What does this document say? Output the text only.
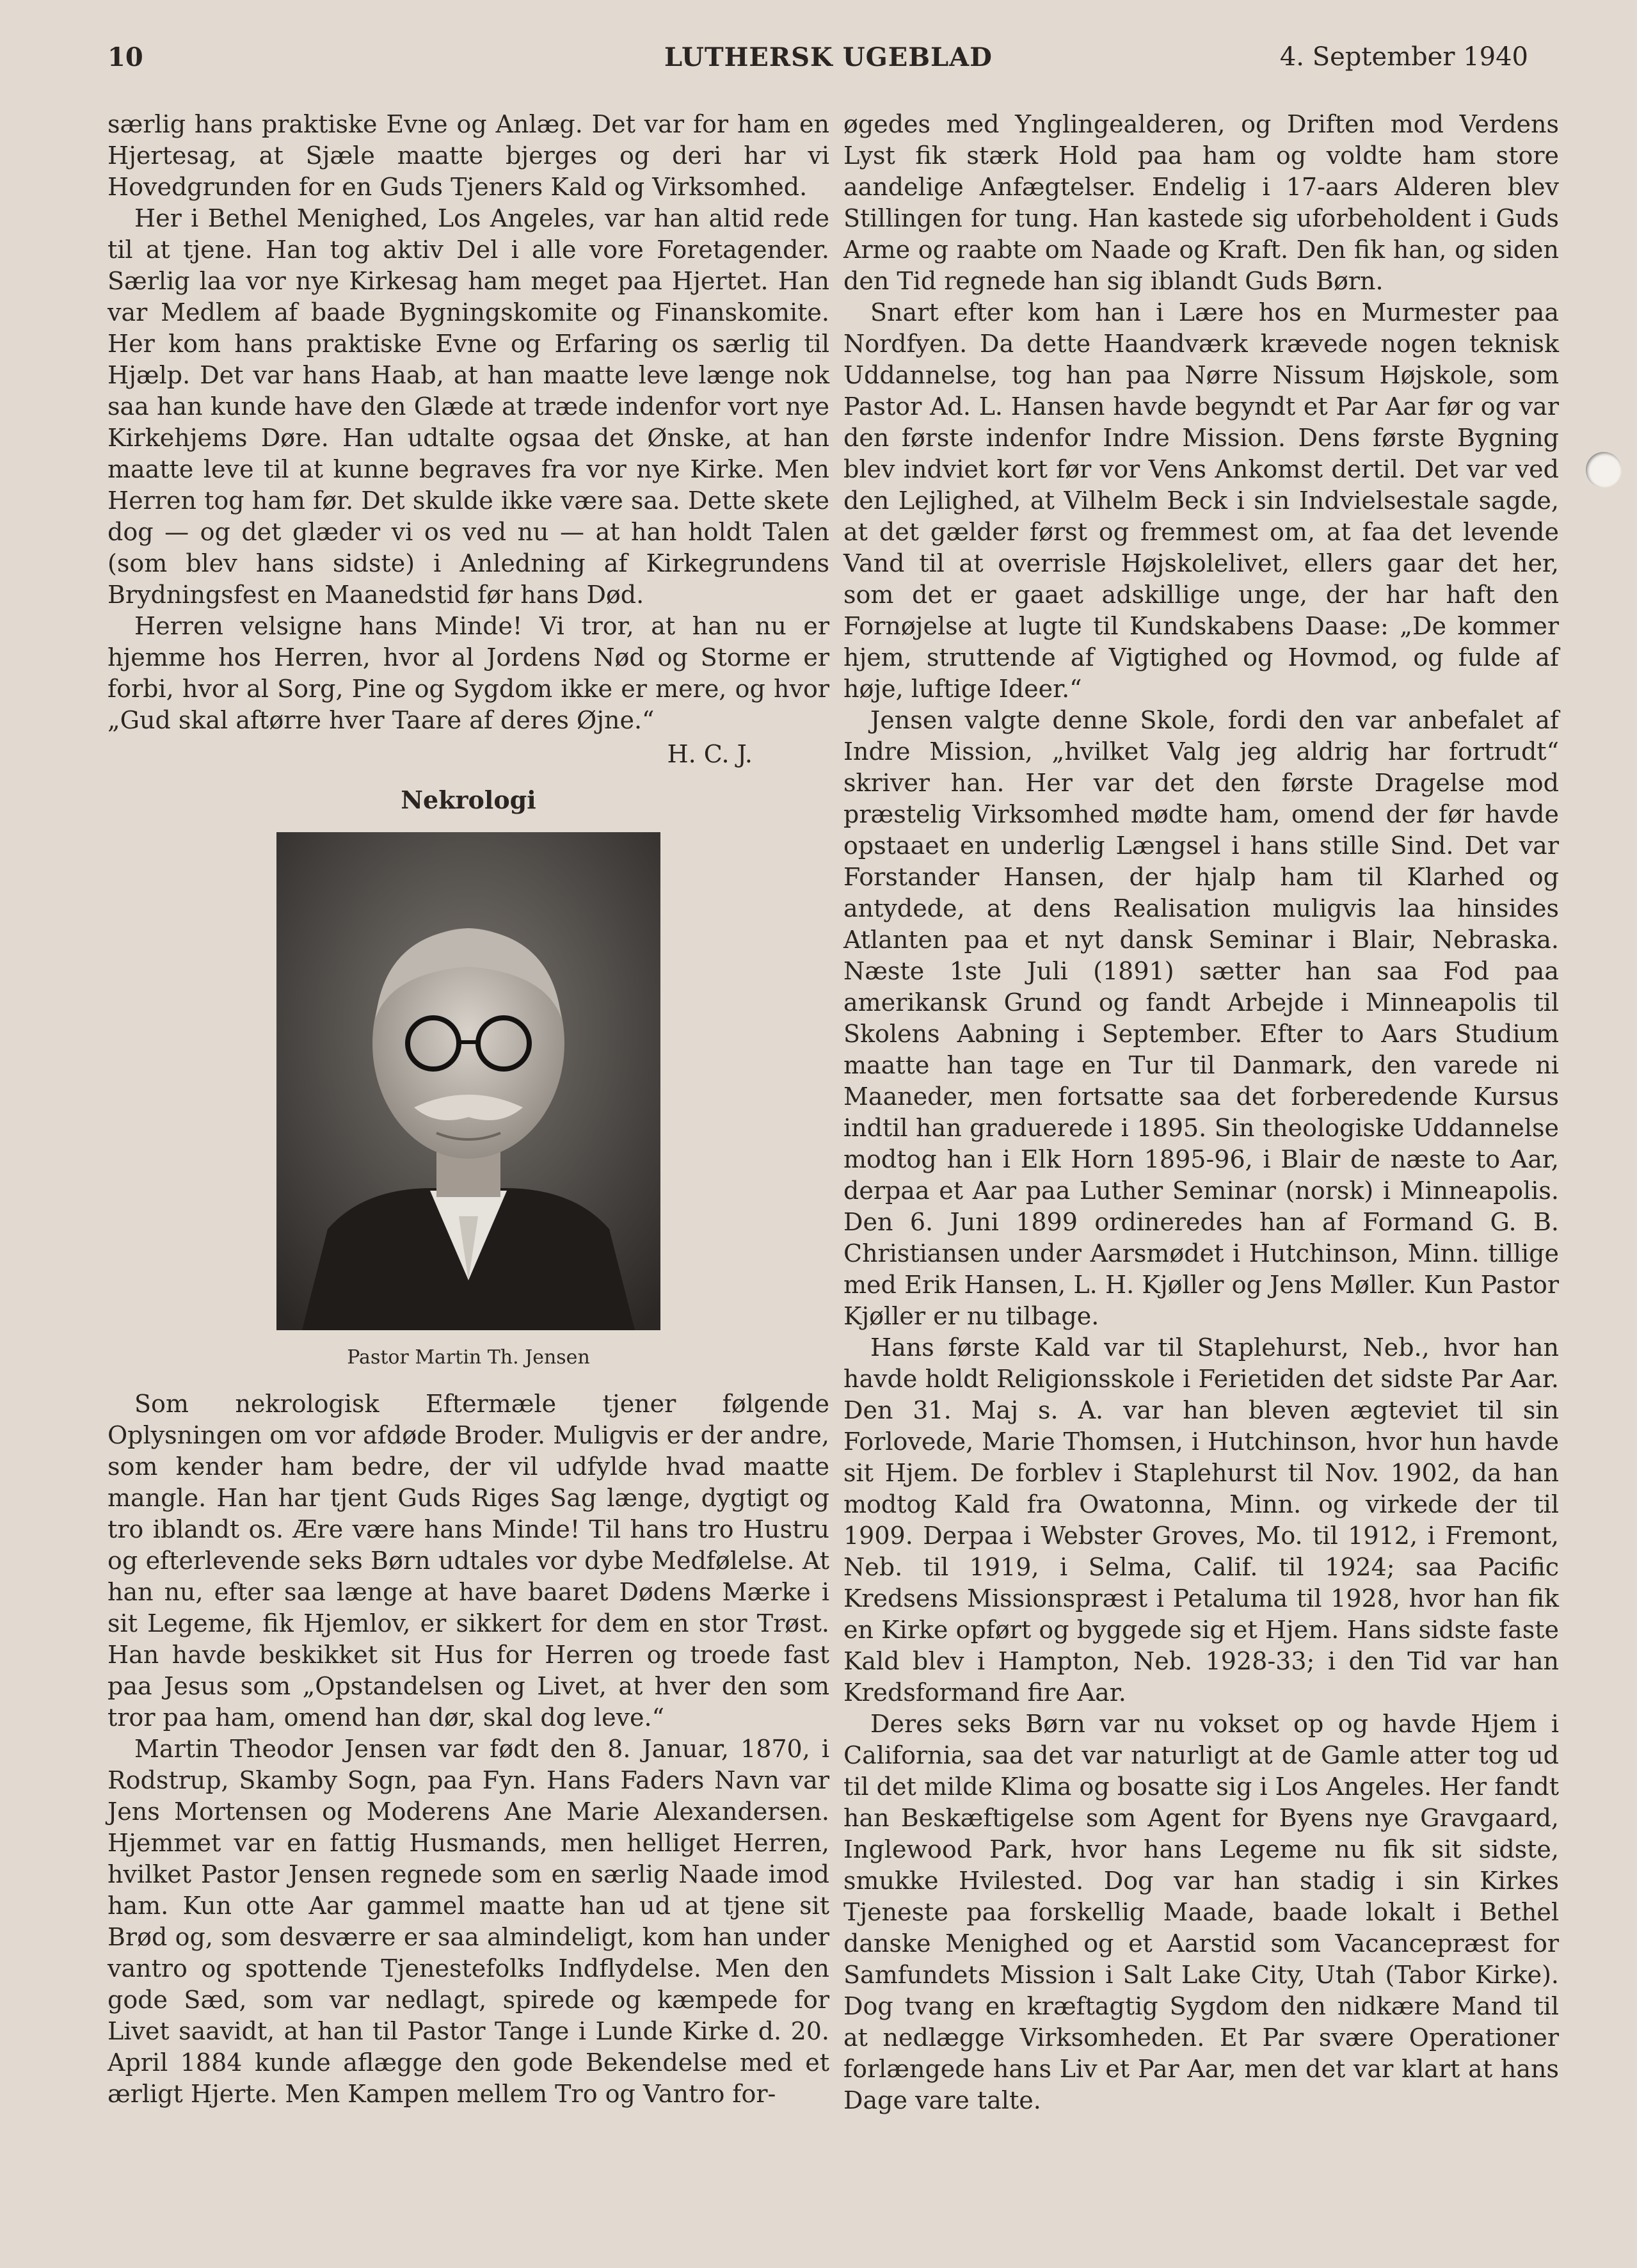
10	LUTHERSK UGEBLAD	4. September 1940

særlig hans praktiske Evne og Anlæg. Det var for ham en Hjertesag, at Sjæle maatte bjerges og deri har vi Hovedgrunden for en Guds Tjeners Kald og Virksomhed.

Her i Bethel Menighed, Los Angeles, var han altid rede til at tjene. Han tog aktiv Del i alle vore Foretagender. Særlig laa vor nye Kirkesag ham meget paa Hjertet. Han var Medlem af baade Bygningskomite og Finanskomite. Her kom hans praktiske Evne og Erfaring os særlig til Hjælp. Det var hans Haab, at han maatte leve længe nok saa han kunde have den Glæde at træde indenfor vort nye Kirkehjems Døre. Han udtalte ogsaa det Ønske, at han maatte leve til at kunne begraves fra vor nye Kirke. Men Herren tog ham før. Det skulde ikke være saa. Dette skete dog — og det glæder vi os ved nu — at han holdt Talen (som blev hans sidste) i Anledning af Kirkegrundens Brydningsfest en Maanedstid før hans Død.

Herren velsigne hans Minde! Vi tror, at han nu er hjemme hos Herren, hvor al Jordens Nød og Storme er forbi, hvor al Sorg, Pine og Sygdom ikke er mere, og hvor „Gud skal aftørre hver Taare af deres Øjne.“

H. C. J.
Nekrologi
Pastor Martin Th. Jensen

Som nekrologisk Eftermæle tjener følgende Oplysningen om vor afdøde Broder. Muligvis er der andre, som kender ham bedre, der vil udfylde hvad maatte mangle. Han har tjent Guds Riges Sag længe, dygtigt og tro iblandt os. Ære være hans Minde! Til hans tro Hustru og efterlevende seks Børn udtales vor dybe Medfølelse. At han nu, efter saa længe at have baaret Dødens Mærke i sit Legeme, fik Hjemlov, er sikkert for dem en stor Trøst. Han havde beskikket sit Hus for Herren og troede fast paa Jesus som „Opstandelsen og Livet, at hver den som tror paa ham, omend han dør, skal dog leve.“

Martin Theodor Jensen var født den 8. Januar, 1870, i Rodstrup, Skamby Sogn, paa Fyn. Hans Faders Navn var Jens Mortensen og Moderens Ane Marie Alexandersen. Hjemmet var en fattig Husmands, men helliget Herren, hvilket Pastor Jensen regnede som en særlig Naade imod ham. Kun otte Aar gammel maatte han ud at tjene sit Brød og, som desværre er saa almindeligt, kom han under vantro og spottende Tjenestefolks Indflydelse. Men den gode Sæd, som var nedlagt, spirede og kæmpede for Livet saavidt, at han til Pastor Tange i Lunde Kirke d. 20. April 1884 kunde aflægge den gode Bekendelse med et ærligt Hjerte. Men Kampen mellem Tro og Vantro for-

øgedes med Ynglingealderen, og Driften mod Verdens Lyst fik stærk Hold paa ham og voldte ham store aandelige Anfægtelser. Endelig i 17-aars Alderen blev Stillingen for tung. Han kastede sig uforbeholdent i Guds Arme og raabte om Naade og Kraft. Den fik han, og siden den Tid regnede han sig iblandt Guds Børn.

Snart efter kom han i Lære hos en Murmester paa Nordfyen. Da dette Haandværk krævede nogen teknisk Uddannelse, tog han paa Nørre Nissum Højskole, som Pastor Ad. L. Hansen havde begyndt et Par Aar før og var den første indenfor Indre Mission. Dens første Bygning blev indviet kort før vor Vens Ankomst dertil. Det var ved den Lejlighed, at Vilhelm Beck i sin Indvielsestale sagde, at det gælder først og fremmest om, at faa det levende Vand til at overrisle Højskolelivet, ellers gaar det her, som det er gaaet adskillige unge, der har haft den Fornøjelse at lugte til Kundskabens Daase: „De kommer hjem, struttende af Vigtighed og Hovmod, og fulde af høje, luftige Ideer.“

Jensen valgte denne Skole, fordi den var anbefalet af Indre Mission, „hvilket Valg jeg aldrig har fortrudt“ skriver han. Her var det den første Dragelse mod præstelig Virksomhed mødte ham, omend der før havde opstaaet en underlig Længsel i hans stille Sind. Det var Forstander Hansen, der hjalp ham til Klarhed og antydede, at dens Realisation muligvis laa hinsides Atlanten paa et nyt dansk Seminar i Blair, Nebraska. Næste 1ste Juli (1891) sætter han saa Fod paa amerikansk Grund og fandt Arbejde i Minneapolis til Skolens Aabning i September. Efter to Aars Studium maatte han tage en Tur til Danmark, den varede ni Maaneder, men fortsatte saa det forberedende Kursus indtil han graduerede i 1895. Sin theologiske Uddannelse modtog han i Elk Horn 1895-96, i Blair de næste to Aar, derpaa et Aar paa Luther Seminar (norsk) i Minneapolis. Den 6. Juni 1899 ordineredes han af Formand G. B. Christiansen under Aarsmødet i Hutchinson, Minn. tillige med Erik Hansen, L. H. Kjøller og Jens Møller. Kun Pastor Kjøller er nu tilbage.

Hans første Kald var til Staplehurst, Neb., hvor han havde holdt Religionsskole i Ferietiden det sidste Par Aar. Den 31. Maj s. A. var han bleven ægteviet til sin Forlovede, Marie Thomsen, i Hutchinson, hvor hun havde sit Hjem. De forblev i Staplehurst til Nov. 1902, da han modtog Kald fra Owatonna, Minn. og virkede der til 1909. Derpaa i Webster Groves, Mo. til 1912, i Fremont, Neb. til 1919, i Selma, Calif. til 1924; saa Pacific Kredsens Missionspræst i Petaluma til 1928, hvor han fik en Kirke opført og byggede sig et Hjem. Hans sidste faste Kald blev i Hampton, Neb. 1928-33; i den Tid var han Kredsformand fire Aar.

Deres seks Børn var nu vokset op og havde Hjem i California, saa det var naturligt at de Gamle atter tog ud til det milde Klima og bosatte sig i Los Angeles. Her fandt han Beskæftigelse som Agent for Byens nye Gravgaard, Inglewood Park, hvor hans Legeme nu fik sit sidste, smukke Hvilested. Dog var han stadig i sin Kirkes Tjeneste paa forskellig Maade, baade lokalt i Bethel danske Menighed og et Aarstid som Vacancepræst for Samfundets Mission i Salt Lake City, Utah (Tabor Kirke). Dog tvang en kræftagtig Sygdom den nidkære Mand til at nedlægge Virksomheden. Et Par svære Operationer forlængede hans Liv et Par Aar, men det var klart at hans Dage vare talte.
